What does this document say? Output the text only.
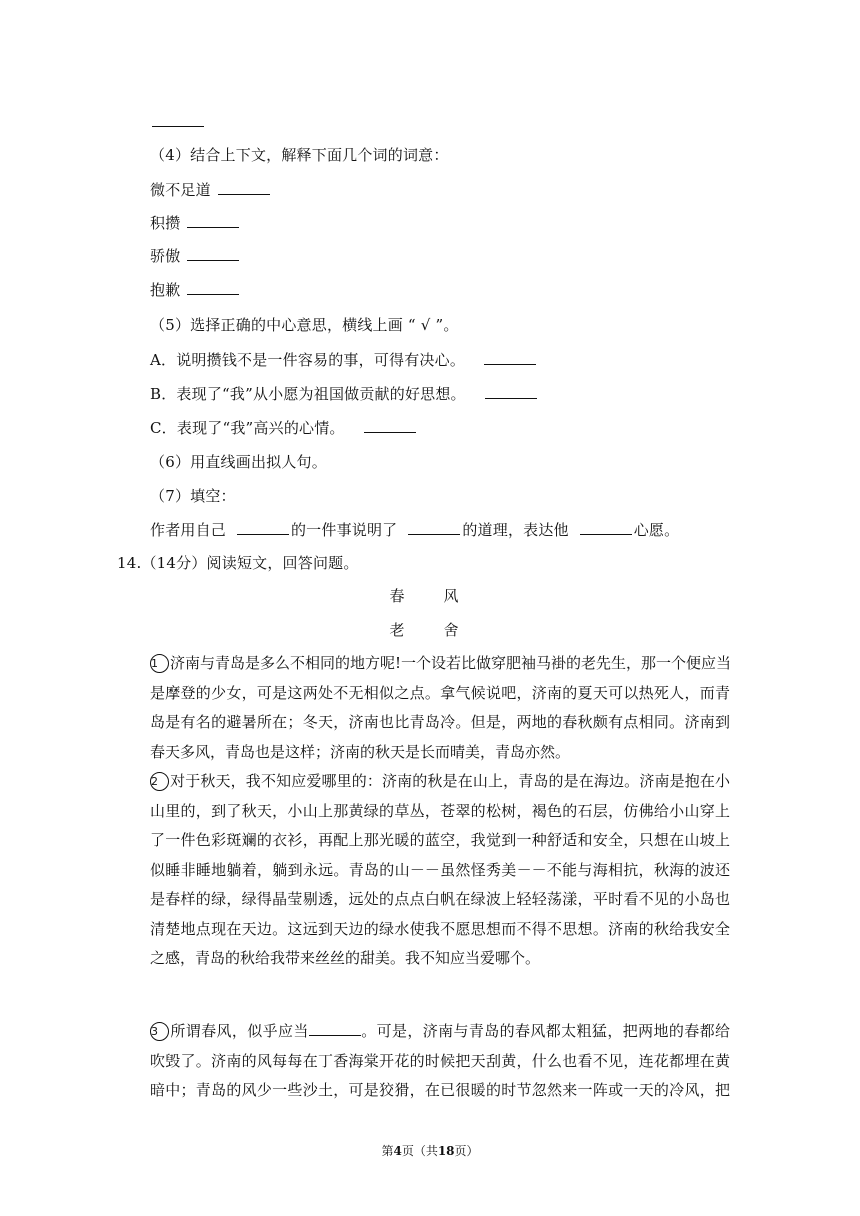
（4）结合上下文，解释下面几个词的词意：
微不足道
积攒
骄傲
抱歉
（5）选择正确的中心意思，横线上画 “ √ ”。
A．说明攒钱不是一件容易的事，可得有决心。
B．表现了“我”从小愿为祖国做贡献的好思想。
C．表现了“我”高兴的心情。
（6）用直线画出拟人句。
（7）填空：
作者用自己	的一件事说明了	的道理，表达他	心愿。
14.（14分）阅读短文，回答问题。
春　风
老　舍
1 济南与青岛是多么不相同的地方呢!一个设若比做穿肥袖马褂的老先生，那一个便应当
是摩登的少女，可是这两处不无相似之点。拿气候说吧，济南的夏天可以热死人，而青
岛是有名的避暑所在；冬天，济南也比青岛冷。但是，两地的春秋颇有点相同。济南到
春天多风，青岛也是这样；济南的秋天是长而晴美，青岛亦然。
2 对于秋天，我不知应爱哪里的：济南的秋是在山上，青岛的是在海边。济南是抱在小
山里的，到了秋天，小山上那黄绿的草丛，苍翠的松树，褐色的石层，仿佛给小山穿上
了一件色彩斑斓的衣衫，再配上那光暖的蓝空，我觉到一种舒适和安全，只想在山坡上
似睡非睡地躺着，躺到永远。青岛的山－－虽然怪秀美－－不能与海相抗，秋海的波还
是春样的绿，绿得晶莹剔透，远处的点点白帆在绿波上轻轻荡漾，平时看不见的小岛也
清楚地点现在天边。这远到天边的绿水使我不愿思想而不得不思想。济南的秋给我安全
之感，青岛的秋给我带来丝丝的甜美。我不知应当爱哪个。
3 所谓春风，似乎应当	。可是，济南与青岛的春风都太粗猛，把两地的春都给
吹毁了。济南的风每每在丁香海棠开花的时候把天刮黄，什么也看不见，连花都埋在黄
暗中；青岛的风少一些沙土，可是狡猾，在已很暖的时节忽然来一阵或一天的冷风，把
第4页（共18页）
